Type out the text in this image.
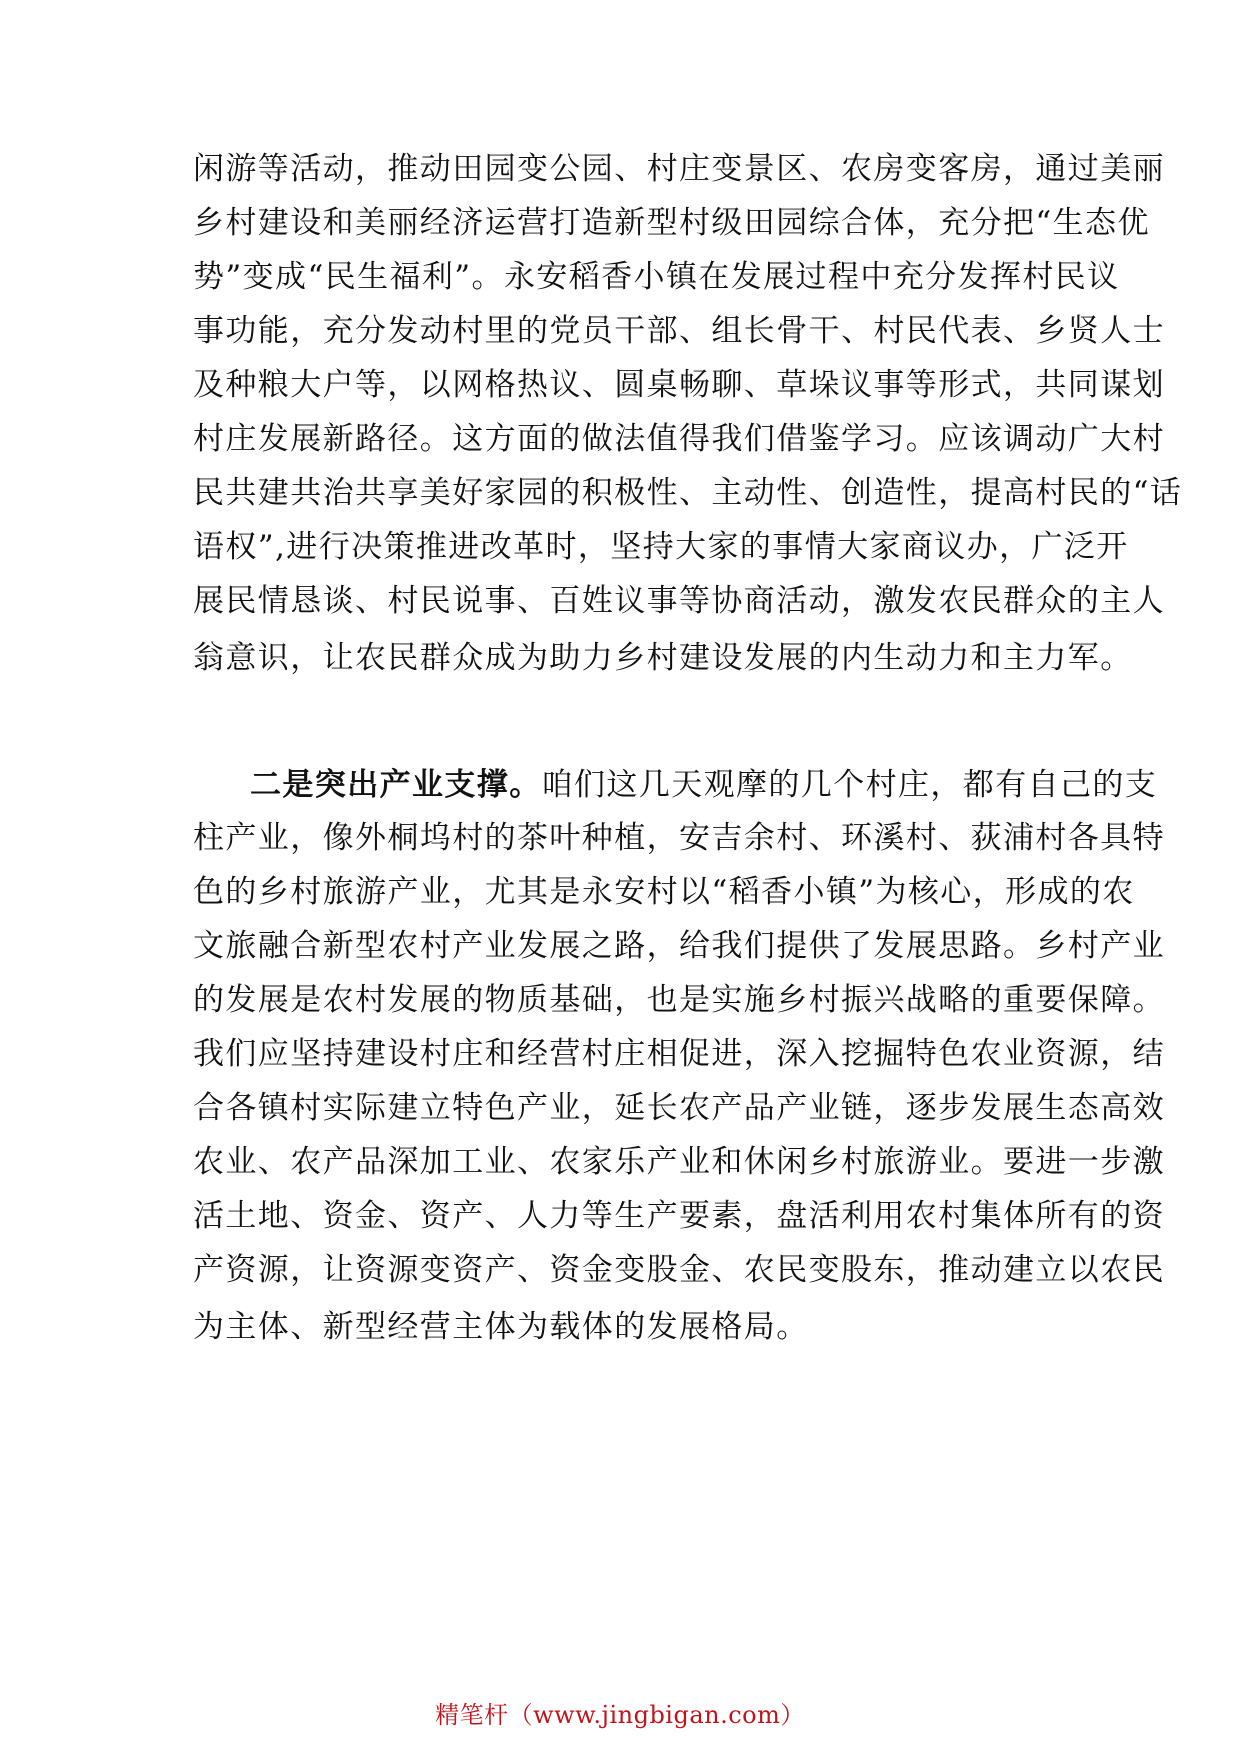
闲游等活动，推动田园变公园、村庄变景区、农房变客房，通过美丽
乡村建设和美丽经济运营打造新型村级田园综合体，充分把“生态优
势”变成“民生福利”。永安稻香小镇在发展过程中充分发挥村民议
事功能，充分发动村里的党员干部、组长骨干、村民代表、乡贤人士
及种粮大户等，以网格热议、圆桌畅聊、草垛议事等形式，共同谋划
村庄发展新路径。这方面的做法值得我们借鉴学习。应该调动广大村
民共建共治共享美好家园的积极性、主动性、创造性，提高村民的“话
语权”,进行决策推进改革时，坚持大家的事情大家商议办，广泛开
展民情恳谈、村民说事、百姓议事等协商活动，激发农民群众的主人
翁意识，让农民群众成为助力乡村建设发展的内生动力和主力军。
二是突出产业支撑。咱们这几天观摩的几个村庄，都有自己的支
柱产业，像外桐坞村的茶叶种植，安吉余村、环溪村、荻浦村各具特
色的乡村旅游产业，尤其是永安村以“稻香小镇”为核心，形成的农
文旅融合新型农村产业发展之路，给我们提供了发展思路。乡村产业
的发展是农村发展的物质基础，也是实施乡村振兴战略的重要保障。
我们应坚持建设村庄和经营村庄相促进，深入挖掘特色农业资源，结
合各镇村实际建立特色产业，延长农产品产业链，逐步发展生态高效
农业、农产品深加工业、农家乐产业和休闲乡村旅游业。要进一步激
活土地、资金、资产、人力等生产要素，盘活利用农村集体所有的资
产资源，让资源变资产、资金变股金、农民变股东，推动建立以农民
为主体、新型经营主体为载体的发展格局。
精笔杆（www.jingbigan.com）
